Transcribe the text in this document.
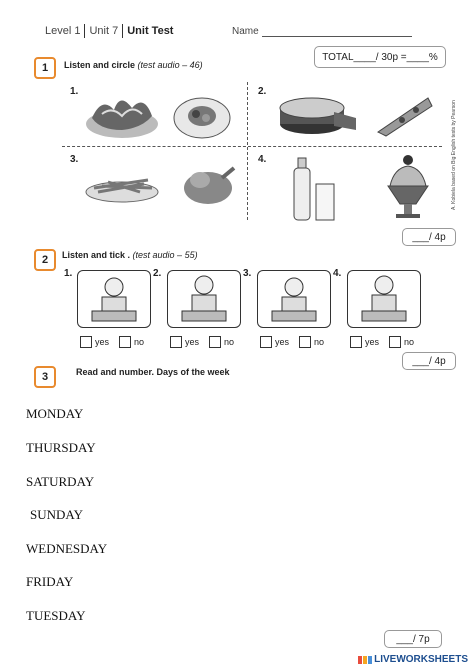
Level 1 Unit 7 Unit Test	Name
TOTAL____/ 30p =____%
A. Kobiela based on Big English tests by Pearson
1	Listen and circle (test audio – 46)
1.	2.
3.	4.
___/ 4p
2	Listen and tick . (test audio – 55)
1.	2.	3.	4.
yes	no	yes	no	yes	no	yes	no
___/ 4p
3	Read and number. Days of the week
MONDAY
THURSDAY
SATURDAY
SUNDAY
WEDNESDAY
FRIDAY
TUESDAY
___/ 7p
LIVEWORKSHEETS
